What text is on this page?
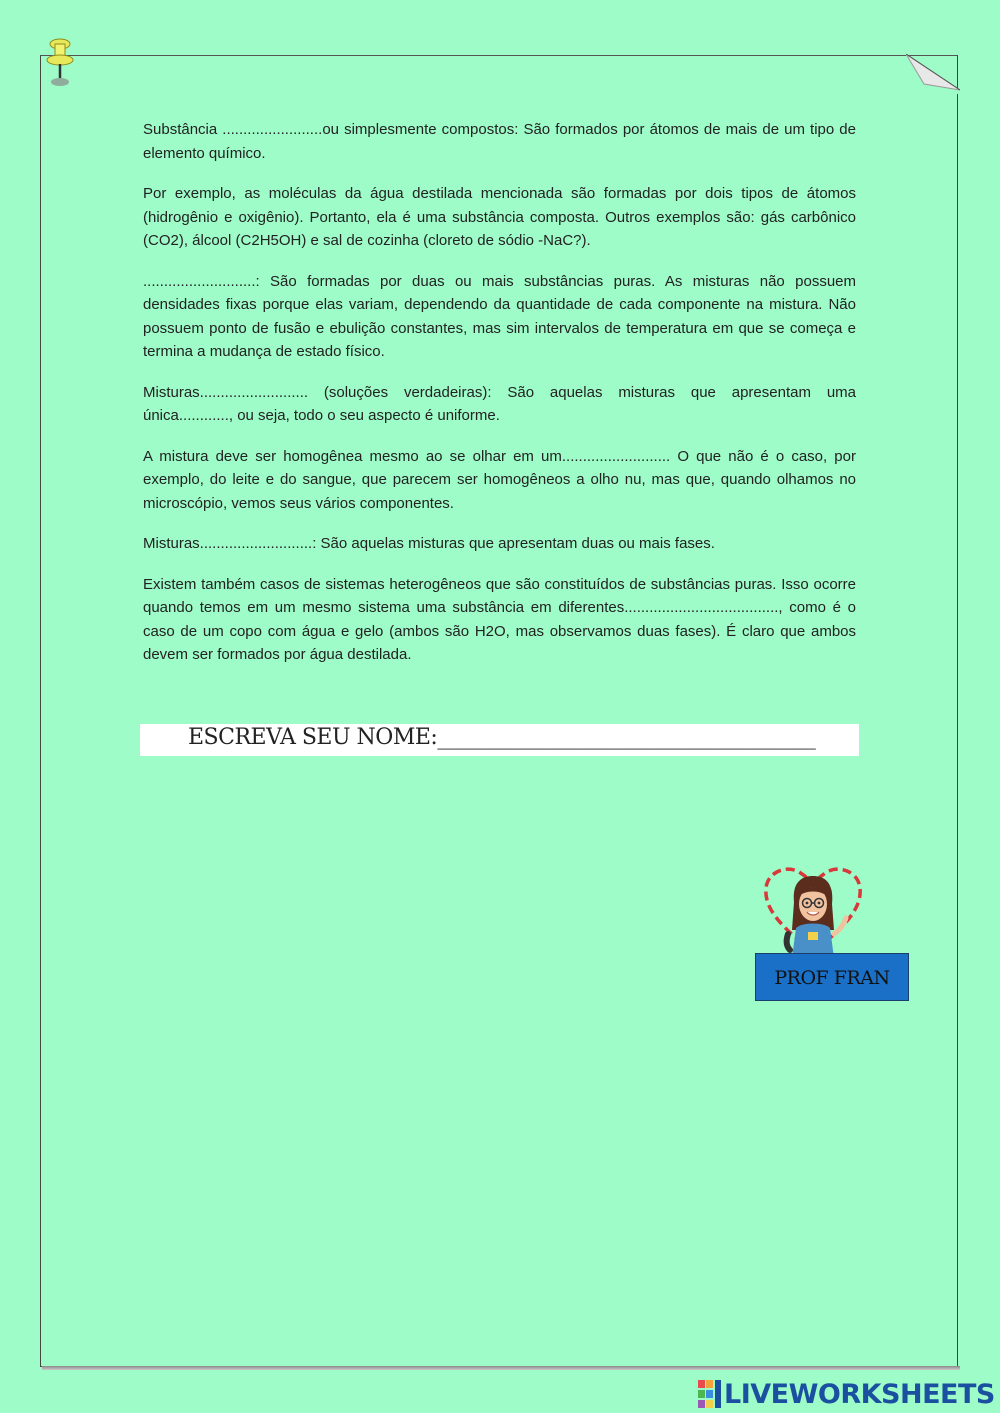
Substância ........................ou simplesmente compostos: São formados por átomos de mais de um tipo de elemento químico.

Por exemplo, as moléculas da água destilada mencionada são formadas por dois tipos de átomos (hidrogênio e oxigênio). Portanto, ela é uma substância composta. Outros exemplos são: gás carbônico (CO2), álcool (C2H5OH) e sal de cozinha (cloreto de sódio -NaC?).

...........................: São formadas por duas ou mais substâncias puras. As misturas não possuem densidades fixas porque elas variam, dependendo da quantidade de cada componente na mistura. Não possuem ponto de fusão e ebulição constantes, mas sim intervalos de temperatura em que se começa e termina a mudança de estado físico.

Misturas.......................... (soluções verdadeiras): São aquelas misturas que apresentam uma única............, ou seja, todo o seu aspecto é uniforme.

A mistura deve ser homogênea mesmo ao se olhar em um.......................... O que não é o caso, por exemplo, do leite e do sangue, que parecem ser homogêneos a olho nu, mas que, quando olhamos no microscópio, vemos seus vários componentes.

Misturas...........................: São aquelas misturas que apresentam duas ou mais fases.

Existem também casos de sistemas heterogêneos que são constituídos de substâncias puras. Isso ocorre quando temos em um mesmo sistema uma substância em diferentes....................................., como é o caso de um copo com água e gelo (ambos são H2O, mas observamos duas fases). É claro que ambos devem ser formados por água destilada.

ESCREVA SEU NOME:____________________________________
PROF FRAN
LIVEWORKSHEETS
